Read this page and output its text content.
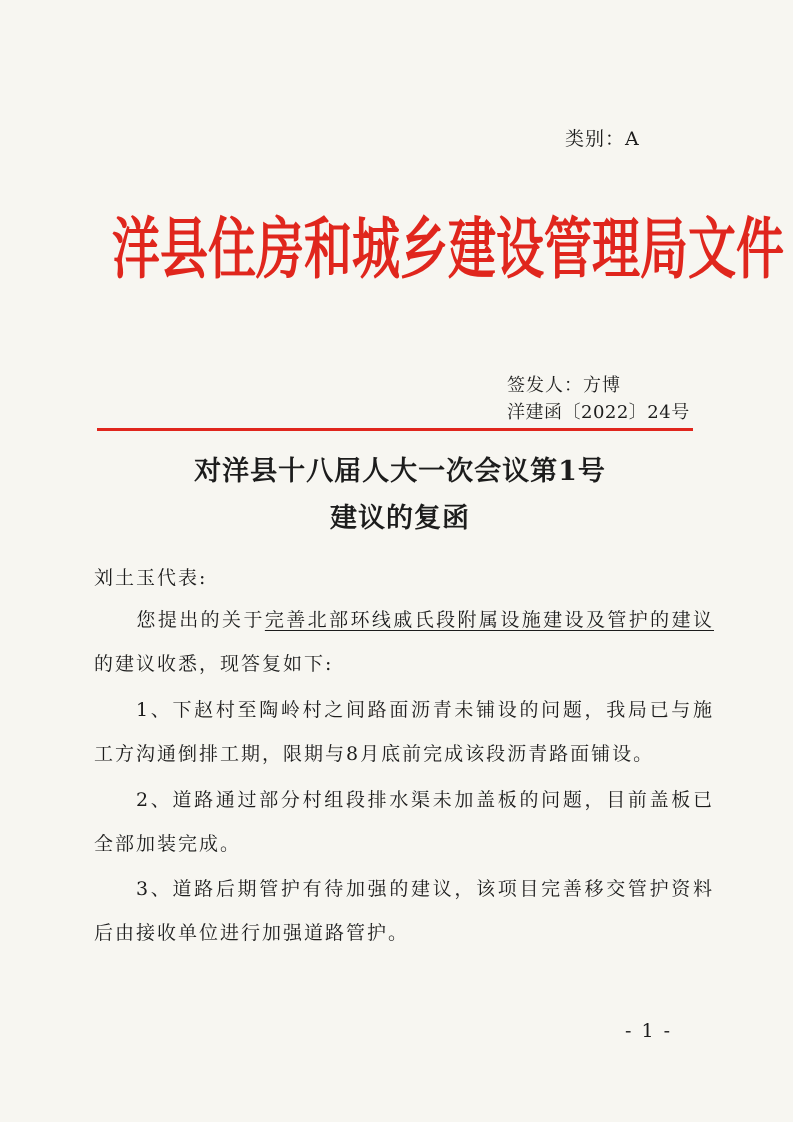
类别：A
洋县住房和城乡建设管理局文件
签发人：方博
洋建函〔2022〕24号
对洋县十八届人大一次会议第1号
建议的复函
刘土玉代表:
您提出的关于完善北部环线戚氏段附属设施建设及管护的建议的建议收悉，现答复如下:
1、下赵村至陶岭村之间路面沥青未铺设的问题，我局已与施工方沟通倒排工期，限期与8月底前完成该段沥青路面铺设。
2、道路通过部分村组段排水渠未加盖板的问题，目前盖板已全部加装完成。
3、道路后期管护有待加强的建议，该项目完善移交管护资料后由接收单位进行加强道路管护。
- 1 -
